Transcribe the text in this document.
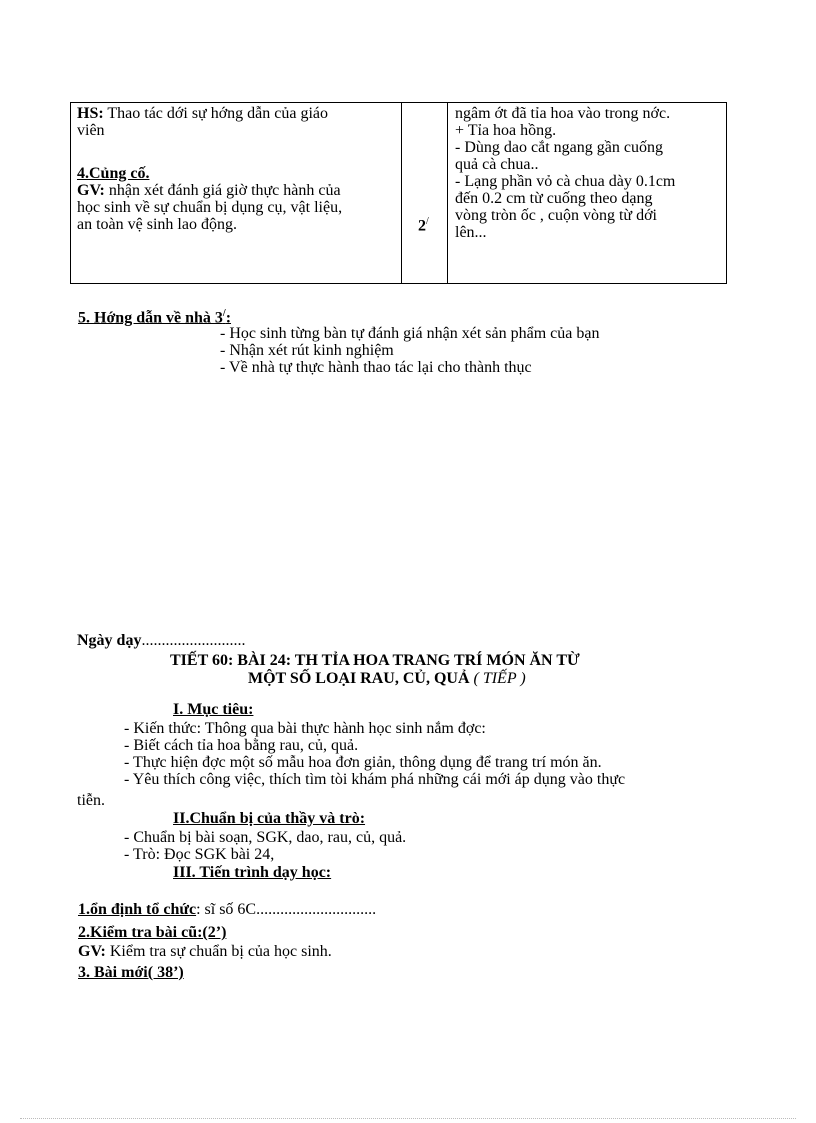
HS: Thao tác dới sự hớng dẫn của giáo
viên
4.Củng cố.
GV: nhận xét đánh giá giờ thực hành của
học sinh về sự chuẩn bị dụng cụ, vật liệu,
an toàn vệ sinh lao động.	2/
ngâm ớt đã tỉa hoa vào trong nớc.
+ Tỉa hoa hồng.
- Dùng dao cắt ngang gần cuống
quả cà chua..
- Lạng phần vỏ cà chua dày 0.1cm
đến 0.2 cm từ cuống theo dạng
vòng tròn ốc , cuộn vòng từ dới
lên...
5. Hớng dẫn về nhà 3/:
- Học sinh từng bàn tự đánh giá nhận xét sản phẩm của bạn
- Nhận xét rút kinh nghiệm
- Về nhà tự thực hành thao tác lại cho thành thục
Ngày dạy..........................
TIẾT 60: BÀI 24: TH TỈA HOA TRANG TRÍ MÓN ĂN TỪ
MỘT SỐ LOẠI RAU, CỦ, QUẢ ( TIẾP )
I. Mục tiêu:
- Kiến thức: Thông qua bài thực hành học sinh nắm đợc:
- Biết cách tỉa hoa bằng rau, củ, quả.
- Thực hiện đợc một số mẫu hoa đơn giản, thông dụng để trang trí món ăn.
- Yêu thích công việc, thích tìm tòi khám phá những cái mới áp dụng vào thực
tiễn.
II.Chuẩn bị của thầy và trò:
- Chuẩn bị bài soạn, SGK, dao, rau, củ, quả.
- Trò: Đọc SGK bài 24,
III. Tiến trình dạy học:
1.ổn định tổ chức: sĩ số 6C..............................
2.Kiểm tra bài cũ:(2’)
GV: Kiểm tra sự chuẩn bị của học sinh.
3. Bài mới( 38’)
